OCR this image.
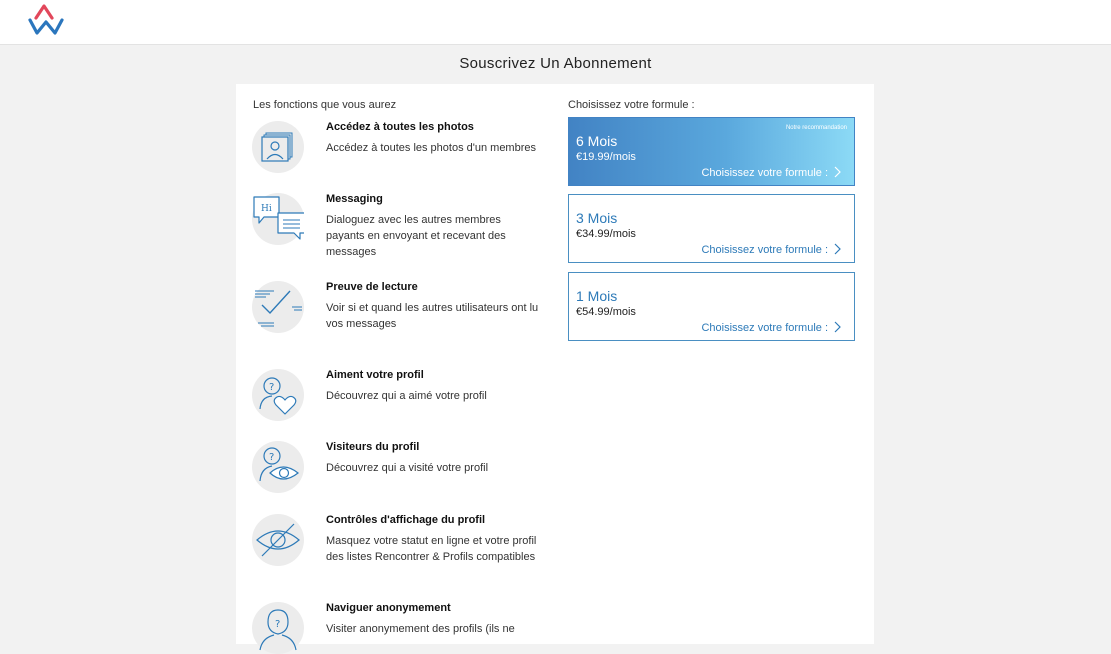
Souscrivez Un Abonnement
Les fonctions que vous aurez
Accédez à toutes les photos
Accédez à toutes les photos d'un membres
Hi
Messaging
Dialoguez avec les autres membres payants en envoyant et recevant des messages
Preuve de lecture
Voir si et quand les autres utilisateurs ont lu vos messages
?
Aiment votre profil
Découvrez qui a aimé votre profil
?
Visiteurs du profil
Découvrez qui a visité votre profil
Contrôles d'affichage du profil
Masquez votre statut en ligne et votre profil des listes Rencontrer & Profils compatibles
?
Naviguer anonymement
Visiter anonymement des profils (ils ne
Choisissez votre formule :
Notre recommandation
6 Mois
€19.99/mois
Choisissez votre formule :
3 Mois
€34.99/mois
Choisissez votre formule :
1 Mois
€54.99/mois
Choisissez votre formule :
